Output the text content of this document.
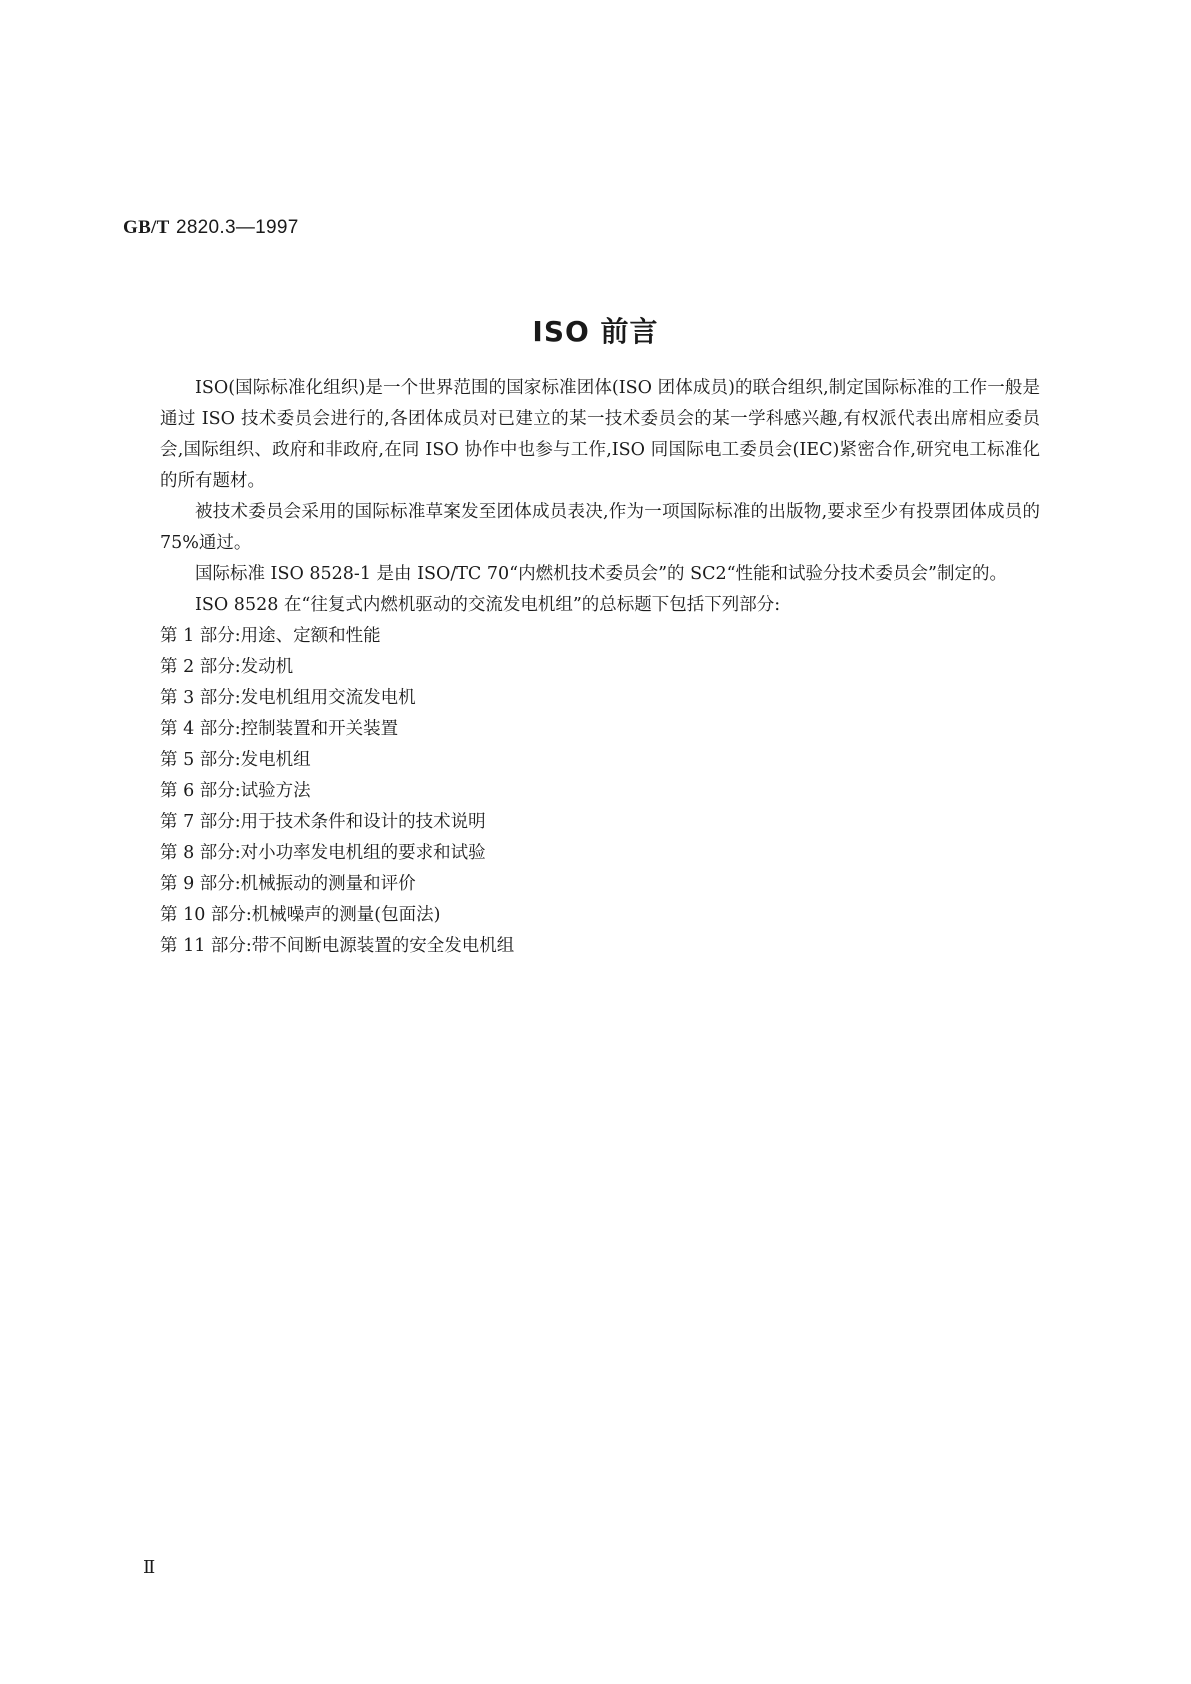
GB/T 2820.3—1997
ISO 前言

ISO(国际标准化组织)是一个世界范围的国家标准团体(ISO 团体成员)的联合组织,制定国际标准的工作一般是通过 ISO 技术委员会进行的,各团体成员对已建立的某一技术委员会的某一学科感兴趣,有权派代表出席相应委员会,国际组织、政府和非政府,在同 ISO 协作中也参与工作,ISO 同国际电工委员会(IEC)紧密合作,研究电工标准化的所有题材。

被技术委员会采用的国际标准草案发至团体成员表决,作为一项国际标准的出版物,要求至少有投票团体成员的 75%通过。

国际标准 ISO 8528-1 是由 ISO/TC 70“内燃机技术委员会”的 SC2“性能和试验分技术委员会”制定的。

ISO 8528 在“往复式内燃机驱动的交流发电机组”的总标题下包括下列部分:

第 1 部分:用途、定额和性能
第 2 部分:发动机
第 3 部分:发电机组用交流发电机
第 4 部分:控制装置和开关装置
第 5 部分:发电机组
第 6 部分:试验方法
第 7 部分:用于技术条件和设计的技术说明
第 8 部分:对小功率发电机组的要求和试验
第 9 部分:机械振动的测量和评价
第 10 部分:机械噪声的测量(包面法)
第 11 部分:带不间断电源装置的安全发电机组
Ⅱ
